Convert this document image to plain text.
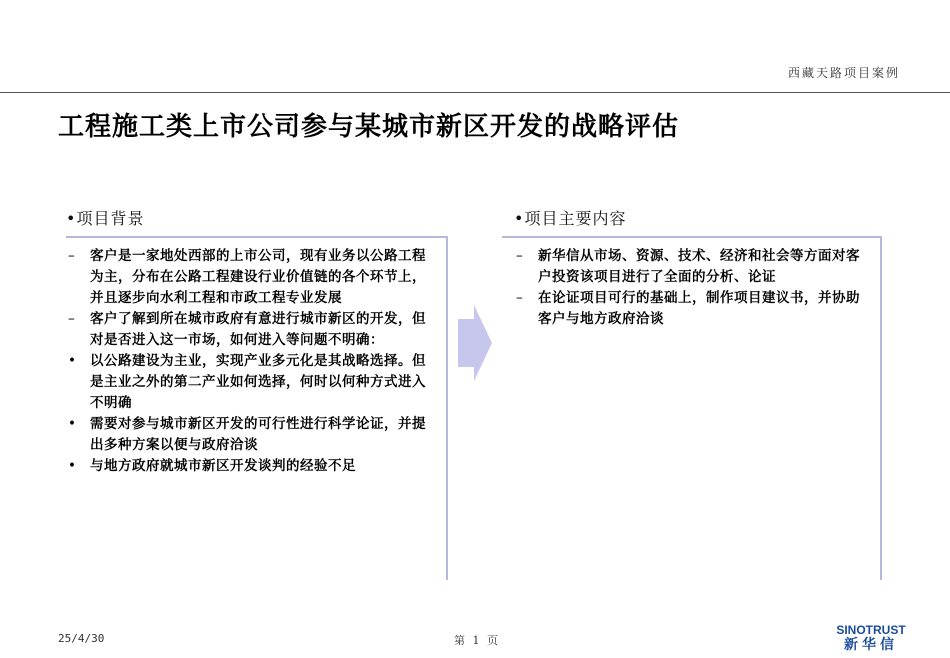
西藏天路项目案例
工程施工类上市公司参与某城市新区开发的战略评估
•项目背景	•项目主要内容
–	客户是一家地处西部的上市公司，现有业务以公路工程为主，分布在公路工程建设行业价值链的各个环节上，并且逐步向水利工程和市政工程专业发展
–	客户了解到所在城市政府有意进行城市新区的开发，但对是否进入这一市场，如何进入等问题不明确：
•	以公路建设为主业，实现产业多元化是其战略选择。但是主业之外的第二产业如何选择，何时以何种方式进入不明确
•	需要对参与城市新区开发的可行性进行科学论证，并提出多种方案以便与政府洽谈
•	与地方政府就城市新区开发谈判的经验不足
–	新华信从市场、资源、技术、经济和社会等方面对客户投资该项目进行了全面的分析、论证
–	在论证项目可行的基础上，制作项目建议书，并协助客户与地方政府洽谈
25/4/30	第 1 页
SINOTRUST
新华信
